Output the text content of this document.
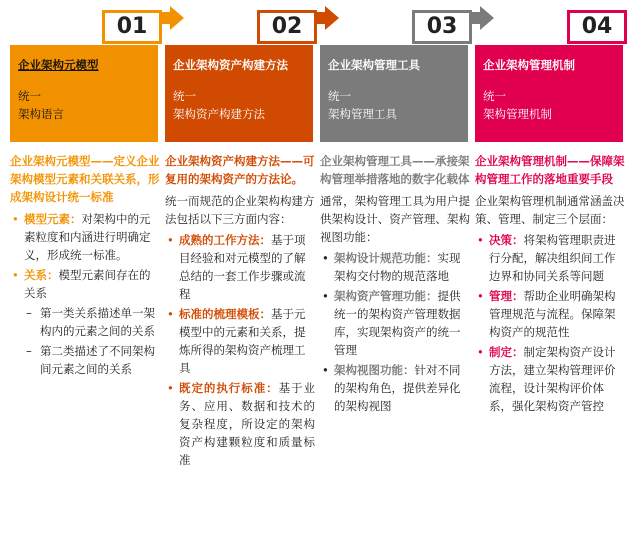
01
企业架构元模型
统一
架构语言
企业架构元模型——定义企业架构模型元素和关联关系，形成架构设计统一标准
• 模型元素：对架构中的元素粒度和内涵进行明确定义，形成统一标准。
• 关系：模型元素间存在的关系
– 第一类关系描述单一架构内的元素之间的关系
– 第二类描述了不同架构间元素之间的关系
02
企业架构资产构建方法
统一
架构资产构建方法
企业架构资产构建方法——可复用的架构资产的方法论。
统一而规范的企业架构构建方法包括以下三方面内容：
• 成熟的工作方法：基于项目经验和对元模型的了解总结的一套工作步骤或流程
• 标准的梳理模板：基于元模型中的元素和关系，提炼所得的架构资产梳理工具
• 既定的执行标准：基于业务、应用、数据和技术的复杂程度，所设定的架构资产构建颗粒度和质量标准
03
企业架构管理工具
统一
架构管理工具
企业架构管理工具——承接架构管理举措落地的数字化载体
通常，架构管理工具为用户提供架构设计、资产管理、架构视图功能：
• 架构设计规范功能：实现架构交付物的规范落地
• 架构资产管理功能：提供统一的架构资产管理数据库，实现架构资产的统一管理
• 架构视图功能：针对不同的架构角色，提供差异化的架构视图
04
企业架构管理机制
统一
架构管理机制
企业架构管理机制——保障架构管理工作的落地重要手段
企业架构管理机制通常涵盖决策、管理、制定三个层面：
• 决策：将架构管理职责进行分配，解决组织间工作边界和协同关系等问题
• 管理：帮助企业明确架构管理规范与流程。保障架构资产的规范性
• 制定：制定架构资产设计方法，建立架构管理评价流程，设计架构评价体系，强化架构资产管控
